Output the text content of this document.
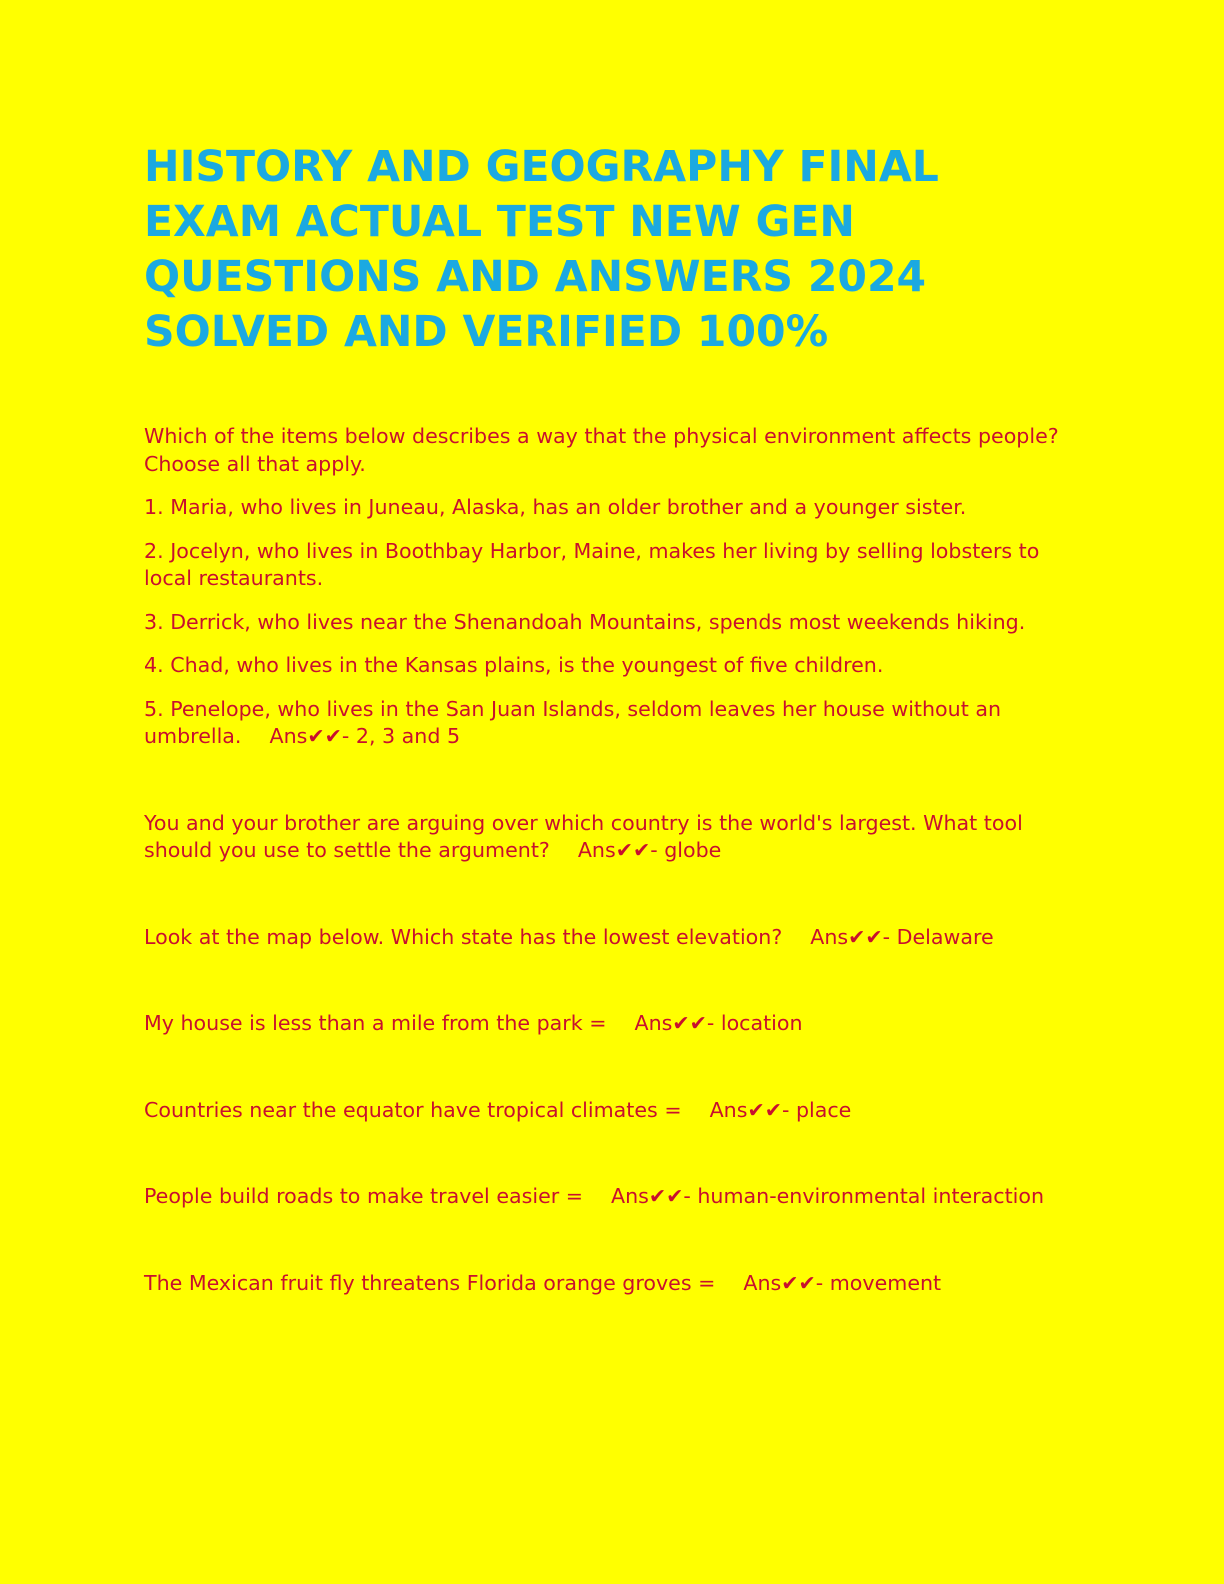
HISTORY AND GEOGRAPHY FINAL
EXAM ACTUAL TEST NEW GEN
QUESTIONS AND ANSWERS 2024
SOLVED AND VERIFIED 100%

Which of the items below describes a way that the physical environment affects people? Choose all that apply.

1. Maria, who lives in Juneau, Alaska, has an older brother and a younger sister.

2. Jocelyn, who lives in Boothbay Harbor, Maine, makes her living by selling lobsters to local restaurants.

3. Derrick, who lives near the Shenandoah Mountains, spends most weekends hiking.

4. Chad, who lives in the Kansas plains, is the youngest of five children.

5. Penelope, who lives in the San Juan Islands, seldom leaves her house without an umbrella. Ans✔✔- 2, 3 and 5

You and your brother are arguing over which country is the world's largest. What tool should you use to settle the argument? Ans✔✔- globe

Look at the map below. Which state has the lowest elevation? Ans✔✔- Delaware

My house is less than a mile from the park = Ans✔✔- location

Countries near the equator have tropical climates = Ans✔✔- place

People build roads to make travel easier = Ans✔✔- human-environmental interaction

The Mexican fruit fly threatens Florida orange groves = Ans✔✔- movement
